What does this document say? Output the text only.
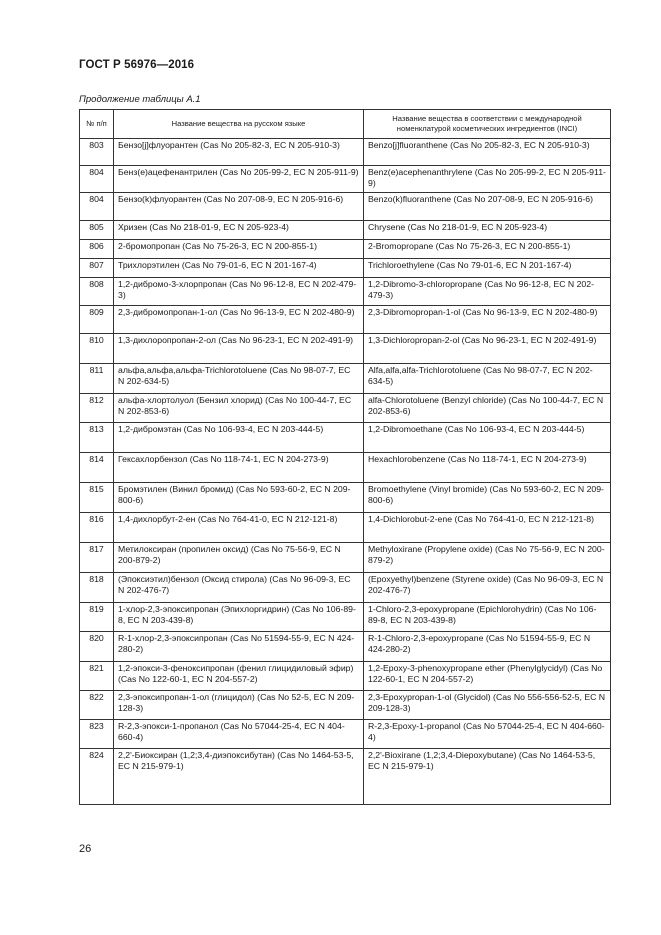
ГОСТ Р 56976—2016
Продолжение таблицы А.1
№ п/п	Название вещества на русском языке	Название вещества в соответствии с международной номенклатурой косметических ингредиентов (INCI)
803	Бензо[j]флуорантен (Cas No 205-82-3, EC N 205-910-3)	Benzo[j]fluoranthene (Cas No 205-82-3, EC N 205-910-3)
804	Бенз(е)ацефенантрилен (Cas No 205-99-2, EC N 205-911-9)	Benz(e)acephenanthrylene (Cas No 205-99-2, EC N 205-911-9)
804	Бензо(k)флуорантен (Cas No 207-08-9, EC N 205-916-6)	Benzo(k)fluoranthene (Cas No 207-08-9, EC N 205-916-6)
805	Хризен (Cas No 218-01-9, EC N 205-923-4)	Chrysene (Cas No 218-01-9, EC N 205-923-4)
806	2-бромопропан (Cas No 75-26-3, EC N 200-855-1)	2-Bromopropane (Cas No 75-26-3, EC N 200-855-1)
807	Трихлорэтилен (Cas No 79-01-6, EC N 201-167-4)	Trichloroethylene (Cas No 79-01-6, EC N 201-167-4)
808	1,2-дибромо-3-хлорпропан (Cas No 96-12-8, EC N 202-479-3)	1,2-Dibromo-3-chloropropane (Cas No 96-12-8, EC N 202-479-3)
809	2,3-дибромопропан-1-ол (Cas No 96-13-9, EC N 202-480-9)	2,3-Dibromopropan-1-ol (Cas No 96-13-9, EC N 202-480-9)
810	1,3-дихлоропропан-2-ол (Cas No 96-23-1, EC N 202-491-9)	1,3-Dichloropropan-2-ol (Cas No 96-23-1, EC N 202-491-9)
811	альфа,альфа,альфа-Trichlorotoluene (Cas No 98-07-7, EC N 202-634-5)	Alfa,alfa,alfa-Trichlorotoluene (Cas No 98-07-7, EC N 202-634-5)
812	альфа-хлортолуол (Бензил хлорид) (Cas No 100-44-7, EC N 202-853-6)	alfa-Chlorotoluene (Benzyl chloride) (Cas No 100-44-7, EC N 202-853-6)
813	1,2-дибромэтан (Cas No 106-93-4, EC N 203-444-5)	1,2-Dibromoethane (Cas No 106-93-4, EC N 203-444-5)
814	Гексахлорбензол (Cas No 118-74-1, EC N 204-273-9)	Hexachlorobenzene (Cas No 118-74-1, EC N 204-273-9)
815	Бромэтилен (Винил бромид) (Cas No 593-60-2, EC N 209-800-6)	Bromoethylene (Vinyl bromide) (Cas No 593-60-2, EC N 209-800-6)
816	1,4-дихлорбут-2-ен (Cas No 764-41-0, EC N 212-121-8)	1,4-Dichlorobut-2-ene (Cas No 764-41-0, EC N 212-121-8)
817	Метилоксиран (пропилен оксид) (Cas No 75-56-9, EC N 200-879-2)	Methyloxirane (Propylene oxide) (Cas No 75-56-9, EC N 200-879-2)
818	(Эпоксиэтил)бензол (Оксид стирола) (Cas No 96-09-3, EC N 202-476-7)	(Epoxyethyl)benzene (Styrene oxide) (Cas No 96-09-3, EC N 202-476-7)
819	1-хлор-2,3-эпоксипропан (Эпихлоргидрин) (Cas No 106-89-8, EC N 203-439-8)	1-Chloro-2,3-epoxypropane (Epichlorohydrin) (Cas No 106-89-8, EC N 203-439-8)
820	R-1-хлор-2,3-эпоксипропан (Cas No 51594-55-9, EC N 424-280-2)	R-1-Chloro-2,3-epoxypropane (Cas No 51594-55-9, EC N 424-280-2)
821	1,2-эпокси-3-феноксипропан (фенил глицидиловый эфир) (Cas No 122-60-1, EC N 204-557-2)	1,2-Epoxy-3-phenoxypropane ether (Phenylglycidyl) (Cas No 122-60-1, EC N 204-557-2)
822	2,3-эпоксипропан-1-ол (глицидол) (Cas No 52-5, EC N 209-128-3)	2,3-Epoxypropan-1-ol (Glycidol) (Cas No 556-556-52-5, EC N 209-128-3)
823	R-2,3-эпокси-1-пропанол (Cas No 57044-25-4, EC N 404-660-4)	R-2,3-Epoxy-1-propanol (Cas No 57044-25-4, EC N 404-660-4)
824	2,2'-Биоксиран (1,2;3,4-диэпоксибутан) (Cas No 1464-53-5, EC N 215-979-1)	2,2'-Bioxirane (1,2;3,4-Diepoxybutane) (Cas No 1464-53-5, EC N 215-979-1)
26
